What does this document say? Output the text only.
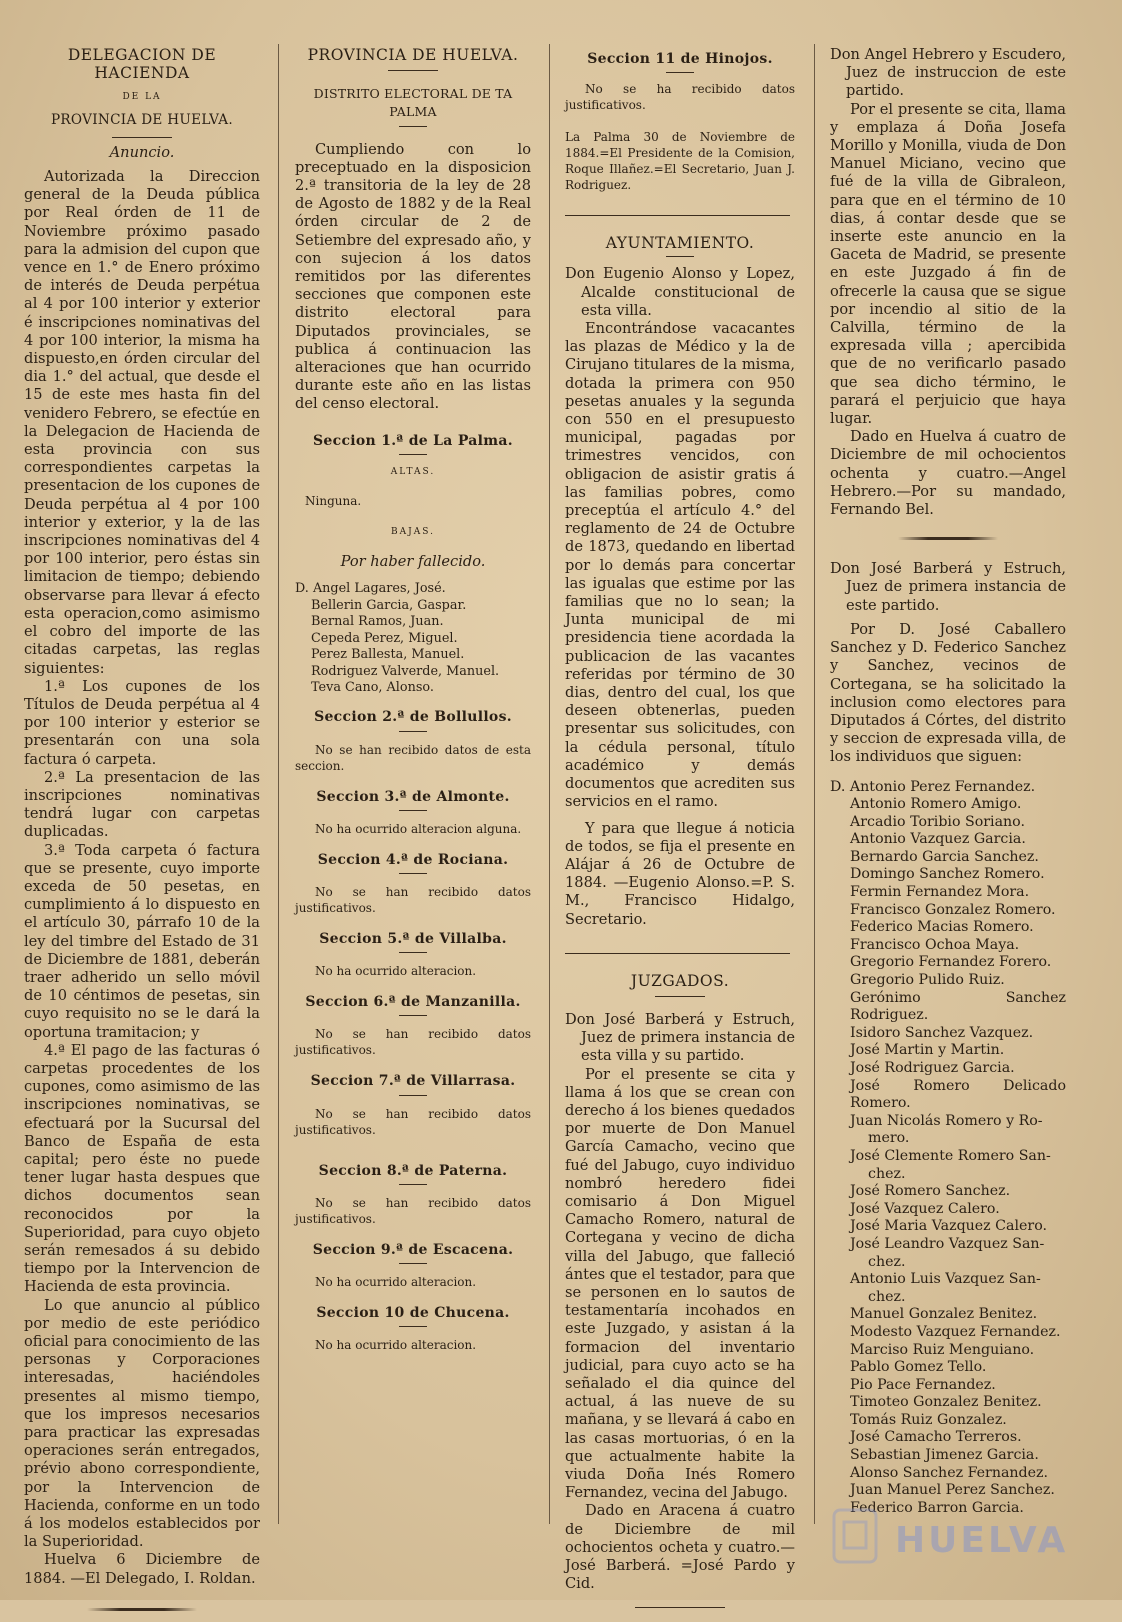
DELEGACION DE HACIENDA

DE LA

PROVINCIA DE HUELVA.

Anuncio.

Autorizada la Direccion general de la Deuda pública por Real órden de 11 de Noviembre próximo pasado para la admision del cupon que vence en 1.° de Enero próximo de interés de Deuda perpétua al 4 por 100 interior y exterior é inscripciones nominativas del 4 por 100 interior, la misma ha dispuesto,en órden circular del dia 1.° del actual, que desde el 15 de este mes hasta fin del venidero Febrero, se efectúe en la Delegacion de Hacienda de esta provincia con sus correspondientes carpetas la presentacion de los cupones de Deuda perpétua al 4 por 100 interior y exterior, y la de las inscripciones nominativas del 4 por 100 interior, pero éstas sin limitacion de tiempo; debiendo observarse para llevar á efecto esta operacion,como asimismo el cobro del importe de las citadas carpetas, las reglas siguientes:

1.ª Los cupones de los Títulos de Deuda perpétua al 4 por 100 interior y esterior se presentarán con una sola factura ó carpeta.

2.ª La presentacion de las inscripciones nominativas tendrá lugar con carpetas duplicadas.

3.ª Toda carpeta ó factura que se presente, cuyo importe exceda de 50 pesetas, en cumplimiento á lo dispuesto en el artículo 30, párrafo 10 de la ley del timbre del Estado de 31 de Diciembre de 1881, deberán traer adherido un sello móvil de 10 céntimos de pesetas, sin cuyo requisito no se le dará la oportuna tramitacion; y

4.ª El pago de las facturas ó carpetas procedentes de los cupones, como asimismo de las inscripciones nominativas, se efectuará por la Sucursal del Banco de España de esta capital; pero éste no puede tener lugar hasta despues que dichos documentos sean reconocidos por la Superioridad, para cuyo objeto serán remesados á su debido tiempo por la Intervencion de Hacienda de esta provincia.

Lo que anuncio al público por medio de este periódico oficial para conocimiento de las personas y Corporaciones interesadas, haciéndoles presentes al mismo tiempo, que los impresos necesarios para practicar las expresadas operaciones serán entregados, prévio abono correspondiente, por la Intervencion de Hacienda, conforme en un todo á los modelos establecidos por la Superioridad.

Huelva 6 Diciembre de 1884. —El Delegado, I. Roldan.

PROVINCIA DE HUELVA.

DISTRITO ELECTORAL DE TA PALMA

Cumpliendo con lo preceptuado en la disposicion 2.ª transitoria de la ley de 28 de Agosto de 1882 y de la Real órden circular de 2 de Setiembre del expresado año, y con sujecion á los datos remitidos por las diferentes secciones que componen este distrito electoral para Diputados provinciales, se publica á continuacion las alteraciones que han ocurrido durante este año en las listas del censo electoral.

Seccion 1.ª de La Palma.

ALTAS.

Ninguna.

BAJAS.

Por haber fallecido.

D. Angel Lagares, José.
Bellerin Garcia, Gaspar.
Bernal Ramos, Juan.
Cepeda Perez, Miguel.
Perez Ballesta, Manuel.
Rodriguez Valverde, Manuel.
Teva Cano, Alonso.

Seccion 2.ª de Bollullos.

No se han recibido datos de esta seccion.

Seccion 3.ª de Almonte.

No ha ocurrido alteracion alguna.

Seccion 4.ª de Rociana.

No se han recibido datos justificativos.

Seccion 5.ª de Villalba.

No ha ocurrido alteracion.

Seccion 6.ª de Manzanilla.

No se han recibido datos justificativos.

Seccion 7.ª de Villarrasa.

No se han recibido datos justificativos.

Seccion 8.ª de Paterna.

No se han recibido datos justificativos.

Seccion 9.ª de Escacena.

No ha ocurrido alteracion.

Seccion 10 de Chucena.

No ha ocurrido alteracion.

Seccion 11 de Hinojos.

No se ha recibido datos justificativos.

La Palma 30 de Noviembre de 1884.=El Presidente de la Comision, Roque Illañez.=El Secretario, Juan J. Rodriguez.

AYUNTAMIENTO.

Don Eugenio Alonso y Lopez, Alcalde constitucional de esta villa.

Encontrándose vacacantes las plazas de Médico y la de Cirujano titulares de la misma, dotada la primera con 950 pesetas anuales y la segunda con 550 en el presupuesto municipal, pagadas por trimestres vencidos, con obligacion de asistir gratis á las familias pobres, como preceptúa el artículo 4.° del reglamento de 24 de Octubre de 1873, quedando en libertad por lo demás para concertar las igualas que estime por las familias que no lo sean; la Junta municipal de mi presidencia tiene acordada la publicacion de las vacantes referidas por término de 30 dias, dentro del cual, los que deseen obtenerlas, pueden presentar sus solicitudes, con la cédula personal, título académico y demás documentos que acrediten sus servicios en el ramo.

Y para que llegue á noticia de todos, se fija el presente en Alájar á 26 de Octubre de 1884. —Eugenio Alonso.=P. S. M., Francisco Hidalgo, Secretario.

JUZGADOS.

Don José Barberá y Estruch, Juez de primera instancia de esta villa y su partido.

Por el presente se cita y llama á los que se crean con derecho á los bienes quedados por muerte de Don Manuel García Camacho, vecino que fué del Jabugo, cuyo individuo nombró heredero fidei comisario á Don Miguel Camacho Romero, natural de Cortegana y vecino de dicha villa del Jabugo, que falleció ántes que el testador, para que se personen en lo sautos de testamentaría incohados en este Juzgado, y asistan á la formacion del inventario judicial, para cuyo acto se ha señalado el dia quince del actual, á las nueve de su mañana, y se llevará á cabo en las casas mortuorias, ó en la que actualmente habite la viuda Doña Inés Romero Fernandez, vecina del Jabugo.

Dado en Aracena á cuatro de Diciembre de mil ochocientos ocheta y cuatro.—José Barberá. =José Pardo y Cid.

Don Angel Hebrero y Escudero, Juez de instruccion de este partido.

Por el presente se cita, llama y emplaza á Doña Josefa Morillo y Monilla, viuda de Don Manuel Miciano, vecino que fué de la villa de Gibraleon, para que en el término de 10 dias, á contar desde que se inserte este anuncio en la Gaceta de Madrid, se presente en este Juzgado á fin de ofrecerle la causa que se sigue por incendio al sitio de la Calvilla, término de la expresada villa ; apercibida que de no verificarlo pasado que sea dicho término, le parará el perjuicio que haya lugar.

Dado en Huelva á cuatro de Diciembre de mil ochocientos ochenta y cuatro.—Angel Hebrero.—Por su mandado, Fernando Bel.

Don José Barberá y Estruch, Juez de primera instancia de este partido.

Por D. José Caballero Sanchez y D. Federico Sanchez y Sanchez, vecinos de Cortegana, se ha solicitado la inclusion como electores para Diputados á Córtes, del distrito y seccion de expresada villa, de los individuos que siguen:

D. Antonio Perez Fernandez.
Antonio Romero Amigo.
Arcadio Toribio Soriano.
Antonio Vazquez Garcia.
Bernardo Garcia Sanchez.
Domingo Sanchez Romero.
Fermin Fernandez Mora.
Francisco Gonzalez Romero.
Federico Macias Romero.
Francisco Ochoa Maya.
Gregorio Fernandez Forero.
Gregorio Pulido Ruiz.
Gerónimo Sanchez Rodriguez.
Isidoro Sanchez Vazquez.
José Martin y Martin.
José Rodriguez Garcia.
José Romero Delicado Romero.
Juan Nicolás Romero y Ro-
mero.
José Clemente Romero San-
chez.
José Romero Sanchez.
José Vazquez Calero.
José Maria Vazquez Calero.
José Leandro Vazquez San-
chez.
Antonio Luis Vazquez San-
chez.
Manuel Gonzalez Benitez.
Modesto Vazquez Fernandez.
Marciso Ruiz Menguiano.
Pablo Gomez Tello.
Pio Pace Fernandez.
Timoteo Gonzalez Benitez.
Tomás Ruiz Gonzalez.
José Camacho Terreros.
Sebastian Jimenez Garcia.
Alonso Sanchez Fernandez.
Juan Manuel Perez Sanchez.
Federico Barron Garcia.
HUELVA
